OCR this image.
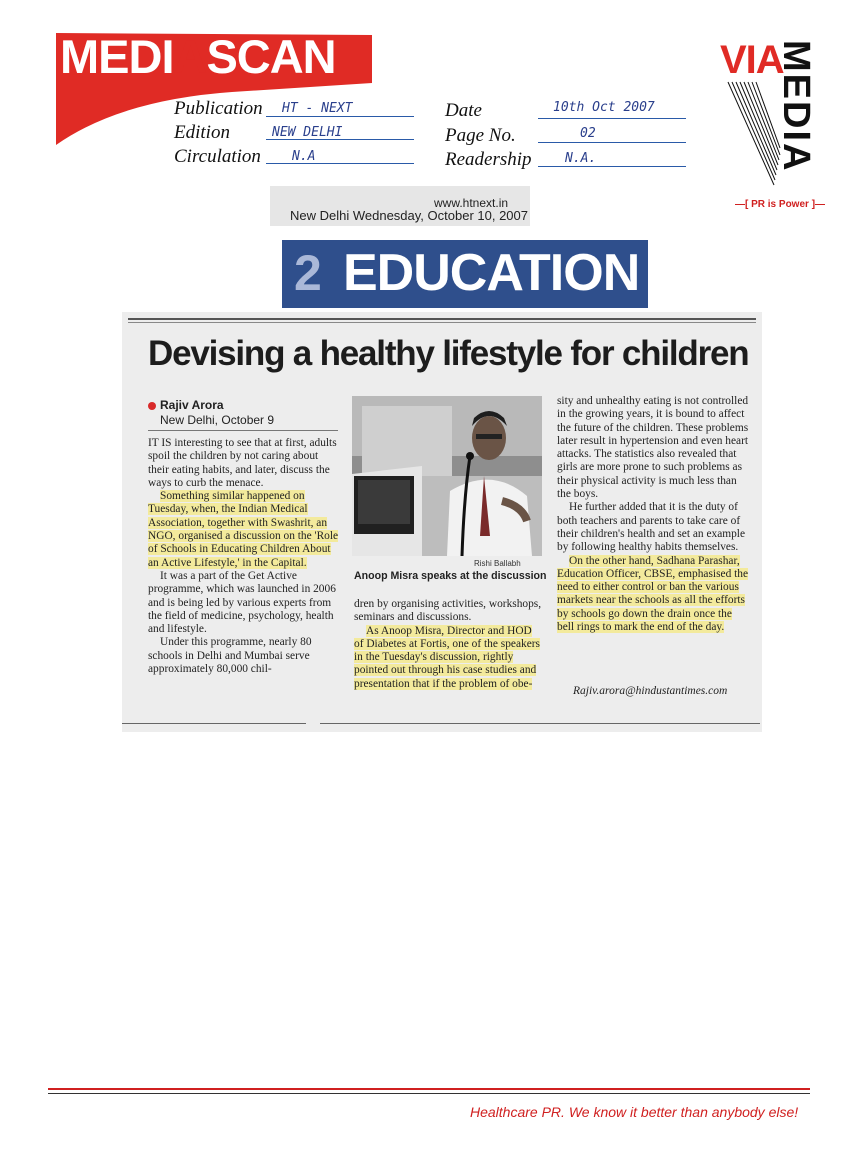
MEDIASCAN
Publication HT - NEXT
Edition	NEW DELHI
Circulation N.A
Date	10th Oct 2007
Page No.	02
Readership	N.A.
VIA
MEDIA
—[ PR is Power ]—
www.htnext.in
New Delhi Wednesday, October 10, 2007
2 EDUCATION
Devising a healthy lifestyle for children
Rajiv Arora
New Delhi, October 9

IT IS interesting to see that at first, adults spoil the children by not caring about their eating habits, and later, discuss the ways to curb the menace.

Something similar happened on Tuesday, when, the Indian Medical Association, together with Swashrit, an NGO, organised a discussion on the 'Role of Schools in Educating Children About an Active Lifestyle,' in the Capital.

It was a part of the Get Active programme, which was launched in 2006 and is being led by various experts from the field of medicine, psychology, health and lifestyle.

Under this programme, nearly 80 schools in Delhi and Mumbai serve approximately 80,000 chil-

Rishi Ballabh
Anoop Misra speaks at the discussion

dren by organising activities, workshops, seminars and discussions.

As Anoop Misra, Director and HOD of Diabetes at Fortis, one of the speakers in the Tuesday's discussion, rightly pointed out through his case studies and presentation that if the problem of obe-

sity and unhealthy eating is not controlled in the growing years, it is bound to affect the future of the children. These problems later result in hypertension and even heart attacks. The statistics also revealed that girls are more prone to such problems as their physical activity is much less than the boys.

He further added that it is the duty of both teachers and parents to take care of their children's health and set an example by following healthy habits themselves.

On the other hand, Sadhana Parashar, Education Officer, CBSE, emphasised the need to either control or ban the various markets near the schools as all the efforts by schools go down the drain once the bell rings to mark the end of the day.

Rajiv.arora@hindustantimes.com
Healthcare PR. We know it better than anybody else!
